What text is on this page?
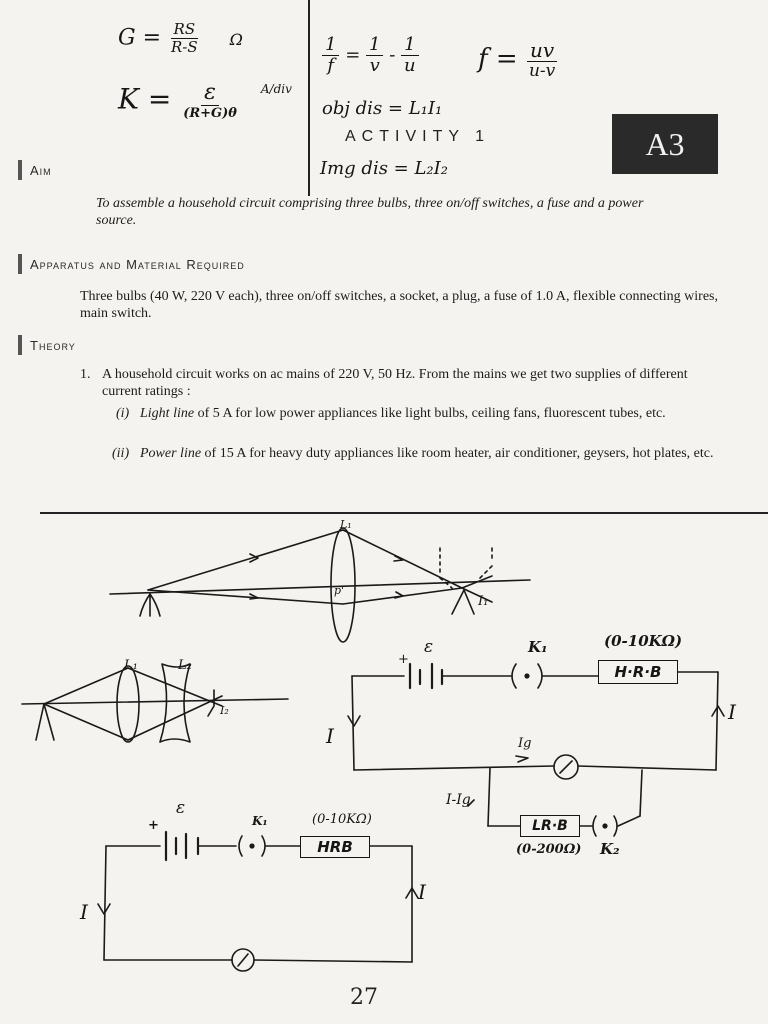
$G = \frac{RS}{R-S}$ Ω
$K = \frac{\varepsilon}{(R+G)\theta} ^{A/div}$
$\frac{1}{f} = \frac{1}{v} - \frac{1}{u}$ $f = \frac{uv}{u-v}$
obj dis = L₁I₁
ACTIVITY 1	A3
Img dis = L₂I₂
Aim
To assemble a household circuit comprising three bulbs, three on/off switches, a fuse and a power source.
Apparatus and Material Required
Three bulbs (40 W, 220 V each), three on/off switches, a socket, a plug, a fuse of 1.0 A, flexible connecting wires, main switch.
Theory
1. A household circuit works on ac mains of 220 V, 50 Hz. From the mains we get two supplies of different current ratings :
(i) Light line of 5 A for low power appliances like light bulbs, ceiling fans, fluorescent tubes, etc.
(ii) Power line of 15 A for heavy duty appliances like room heater, air conditioner, geysers, hot plates, etc.
L₁
p'
I₁
L₁	L₂
I₂
+
ε	K₁	(0-10KΩ)
H·R·B
I
I
Ig
I-Ig
LR·B
(0-200Ω) K₂
+
ε
K₁	(0-10KΩ)
HRB
I
I
27
